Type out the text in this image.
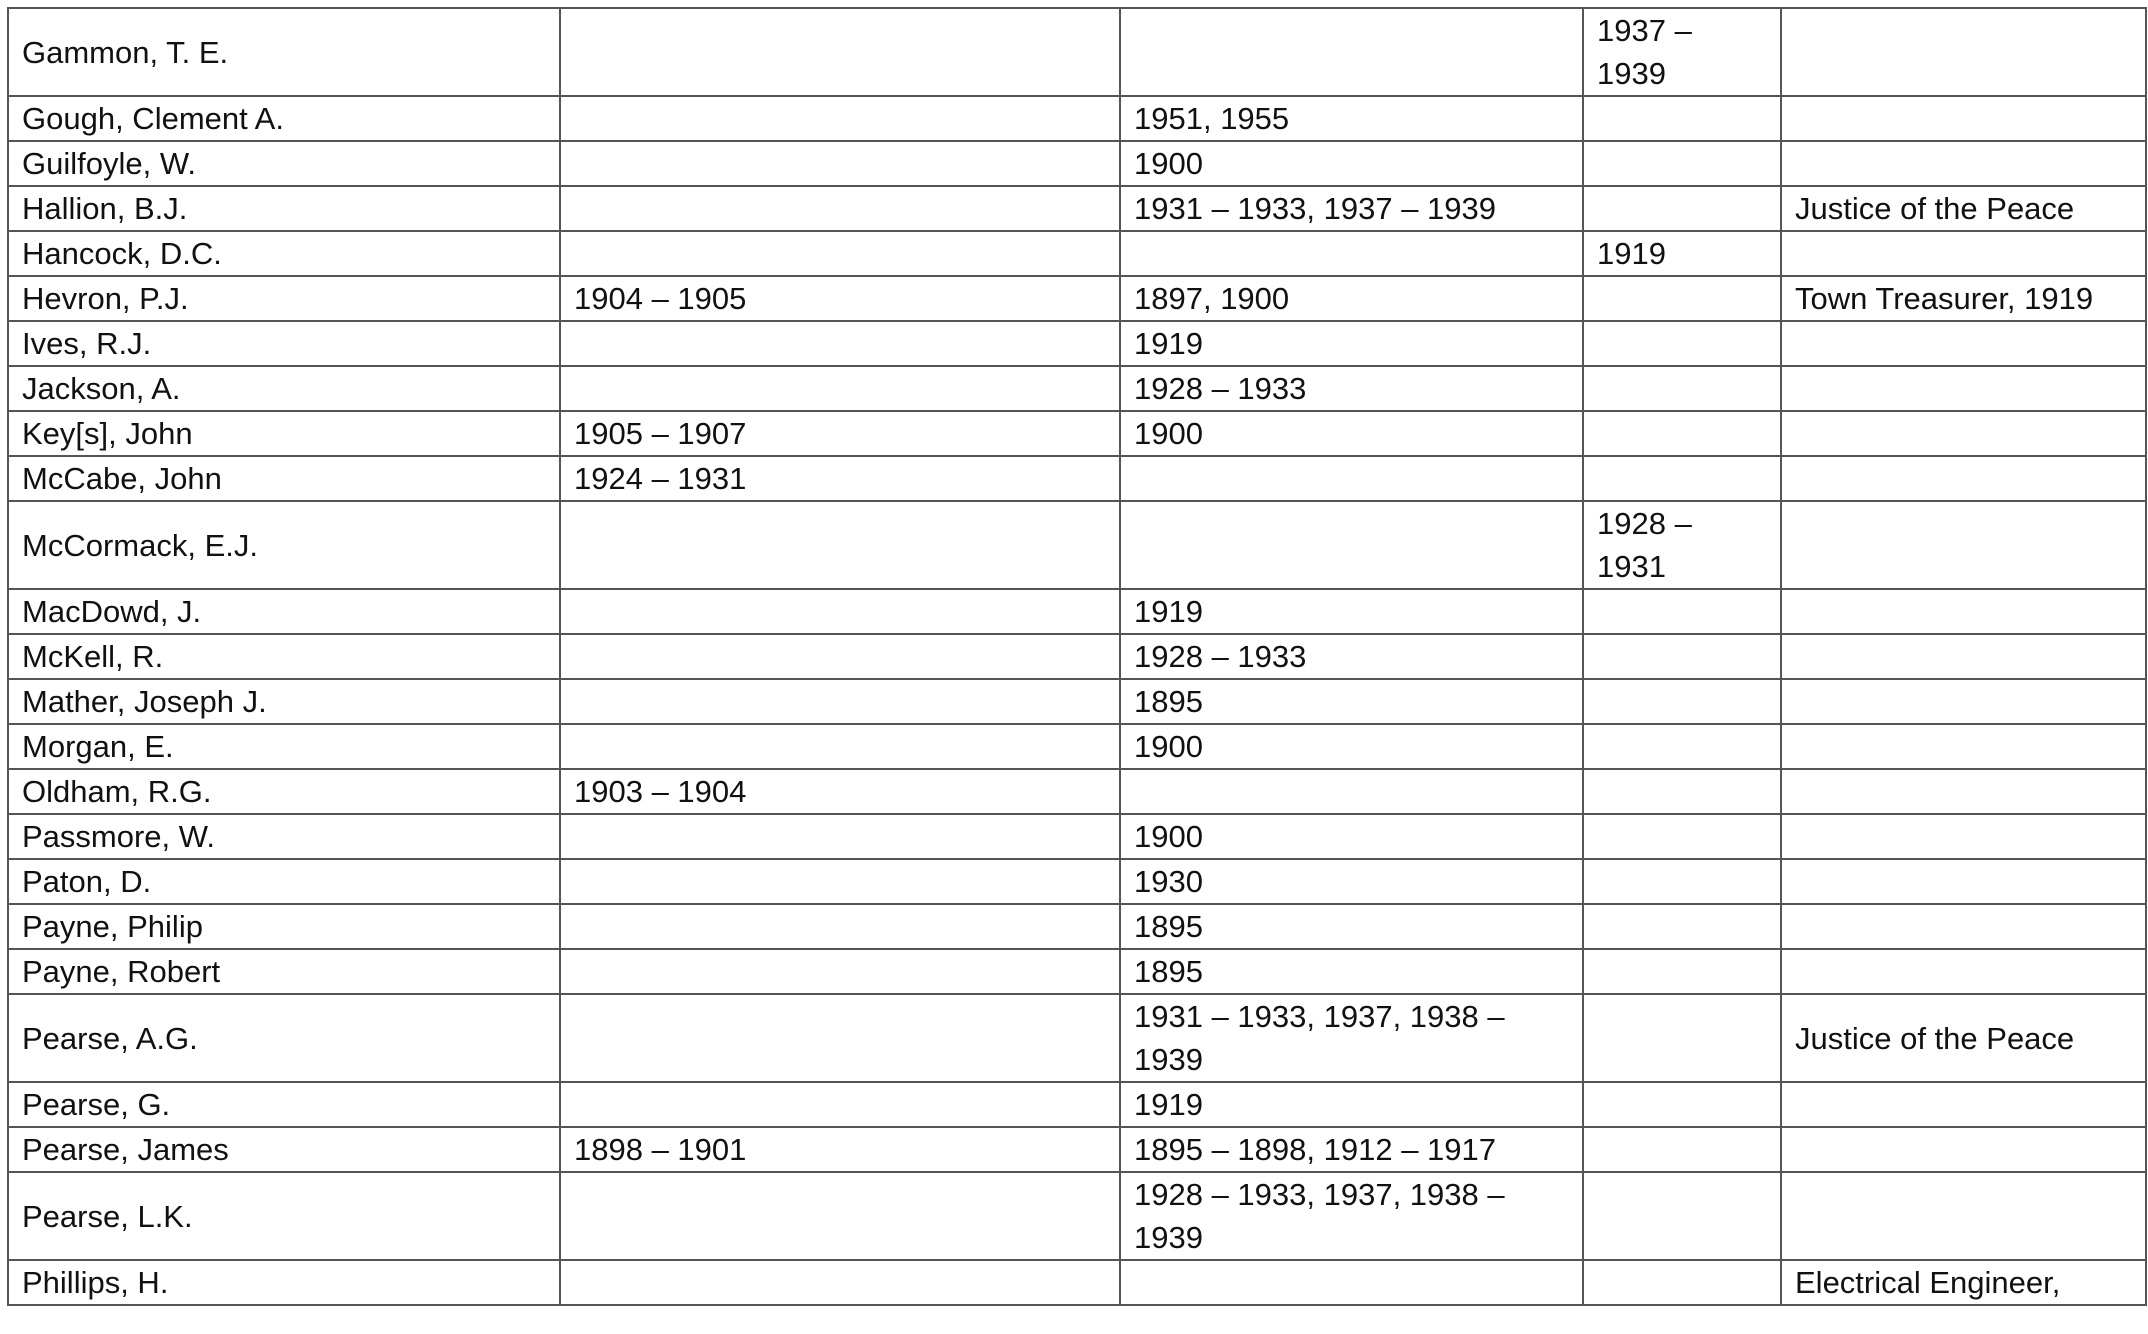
Gammon, T. E.			1937 – 1939	
Gough, Clement A.		1951, 1955		
Guilfoyle, W.		1900		
Hallion, B.J.		1931 – 1933, 1937 – 1939		Justice of the Peace
Hancock, D.C.			1919	
Hevron, P.J.	1904 – 1905	1897, 1900		Town Treasurer, 1919
Ives, R.J.		1919		
Jackson, A.		1928 – 1933		
Key[s], John	1905 – 1907	1900		
McCabe, John	1924 – 1931			
McCormack, E.J.			1928 – 1931	
MacDowd, J.		1919		
McKell, R.		1928 – 1933		
Mather, Joseph J.		1895		
Morgan, E.		1900		
Oldham, R.G.	1903 – 1904			
Passmore, W.		1900		
Paton, D.		1930		
Payne, Philip		1895		
Payne, Robert		1895		
Pearse, A.G.		1931 – 1933, 1937, 1938 – 1939		Justice of the Peace
Pearse, G.		1919		
Pearse, James	1898 – 1901	1895 – 1898, 1912 – 1917		
Pearse, L.K.		1928 – 1933, 1937, 1938 – 1939		
Phillips, H.				Electrical Engineer,
